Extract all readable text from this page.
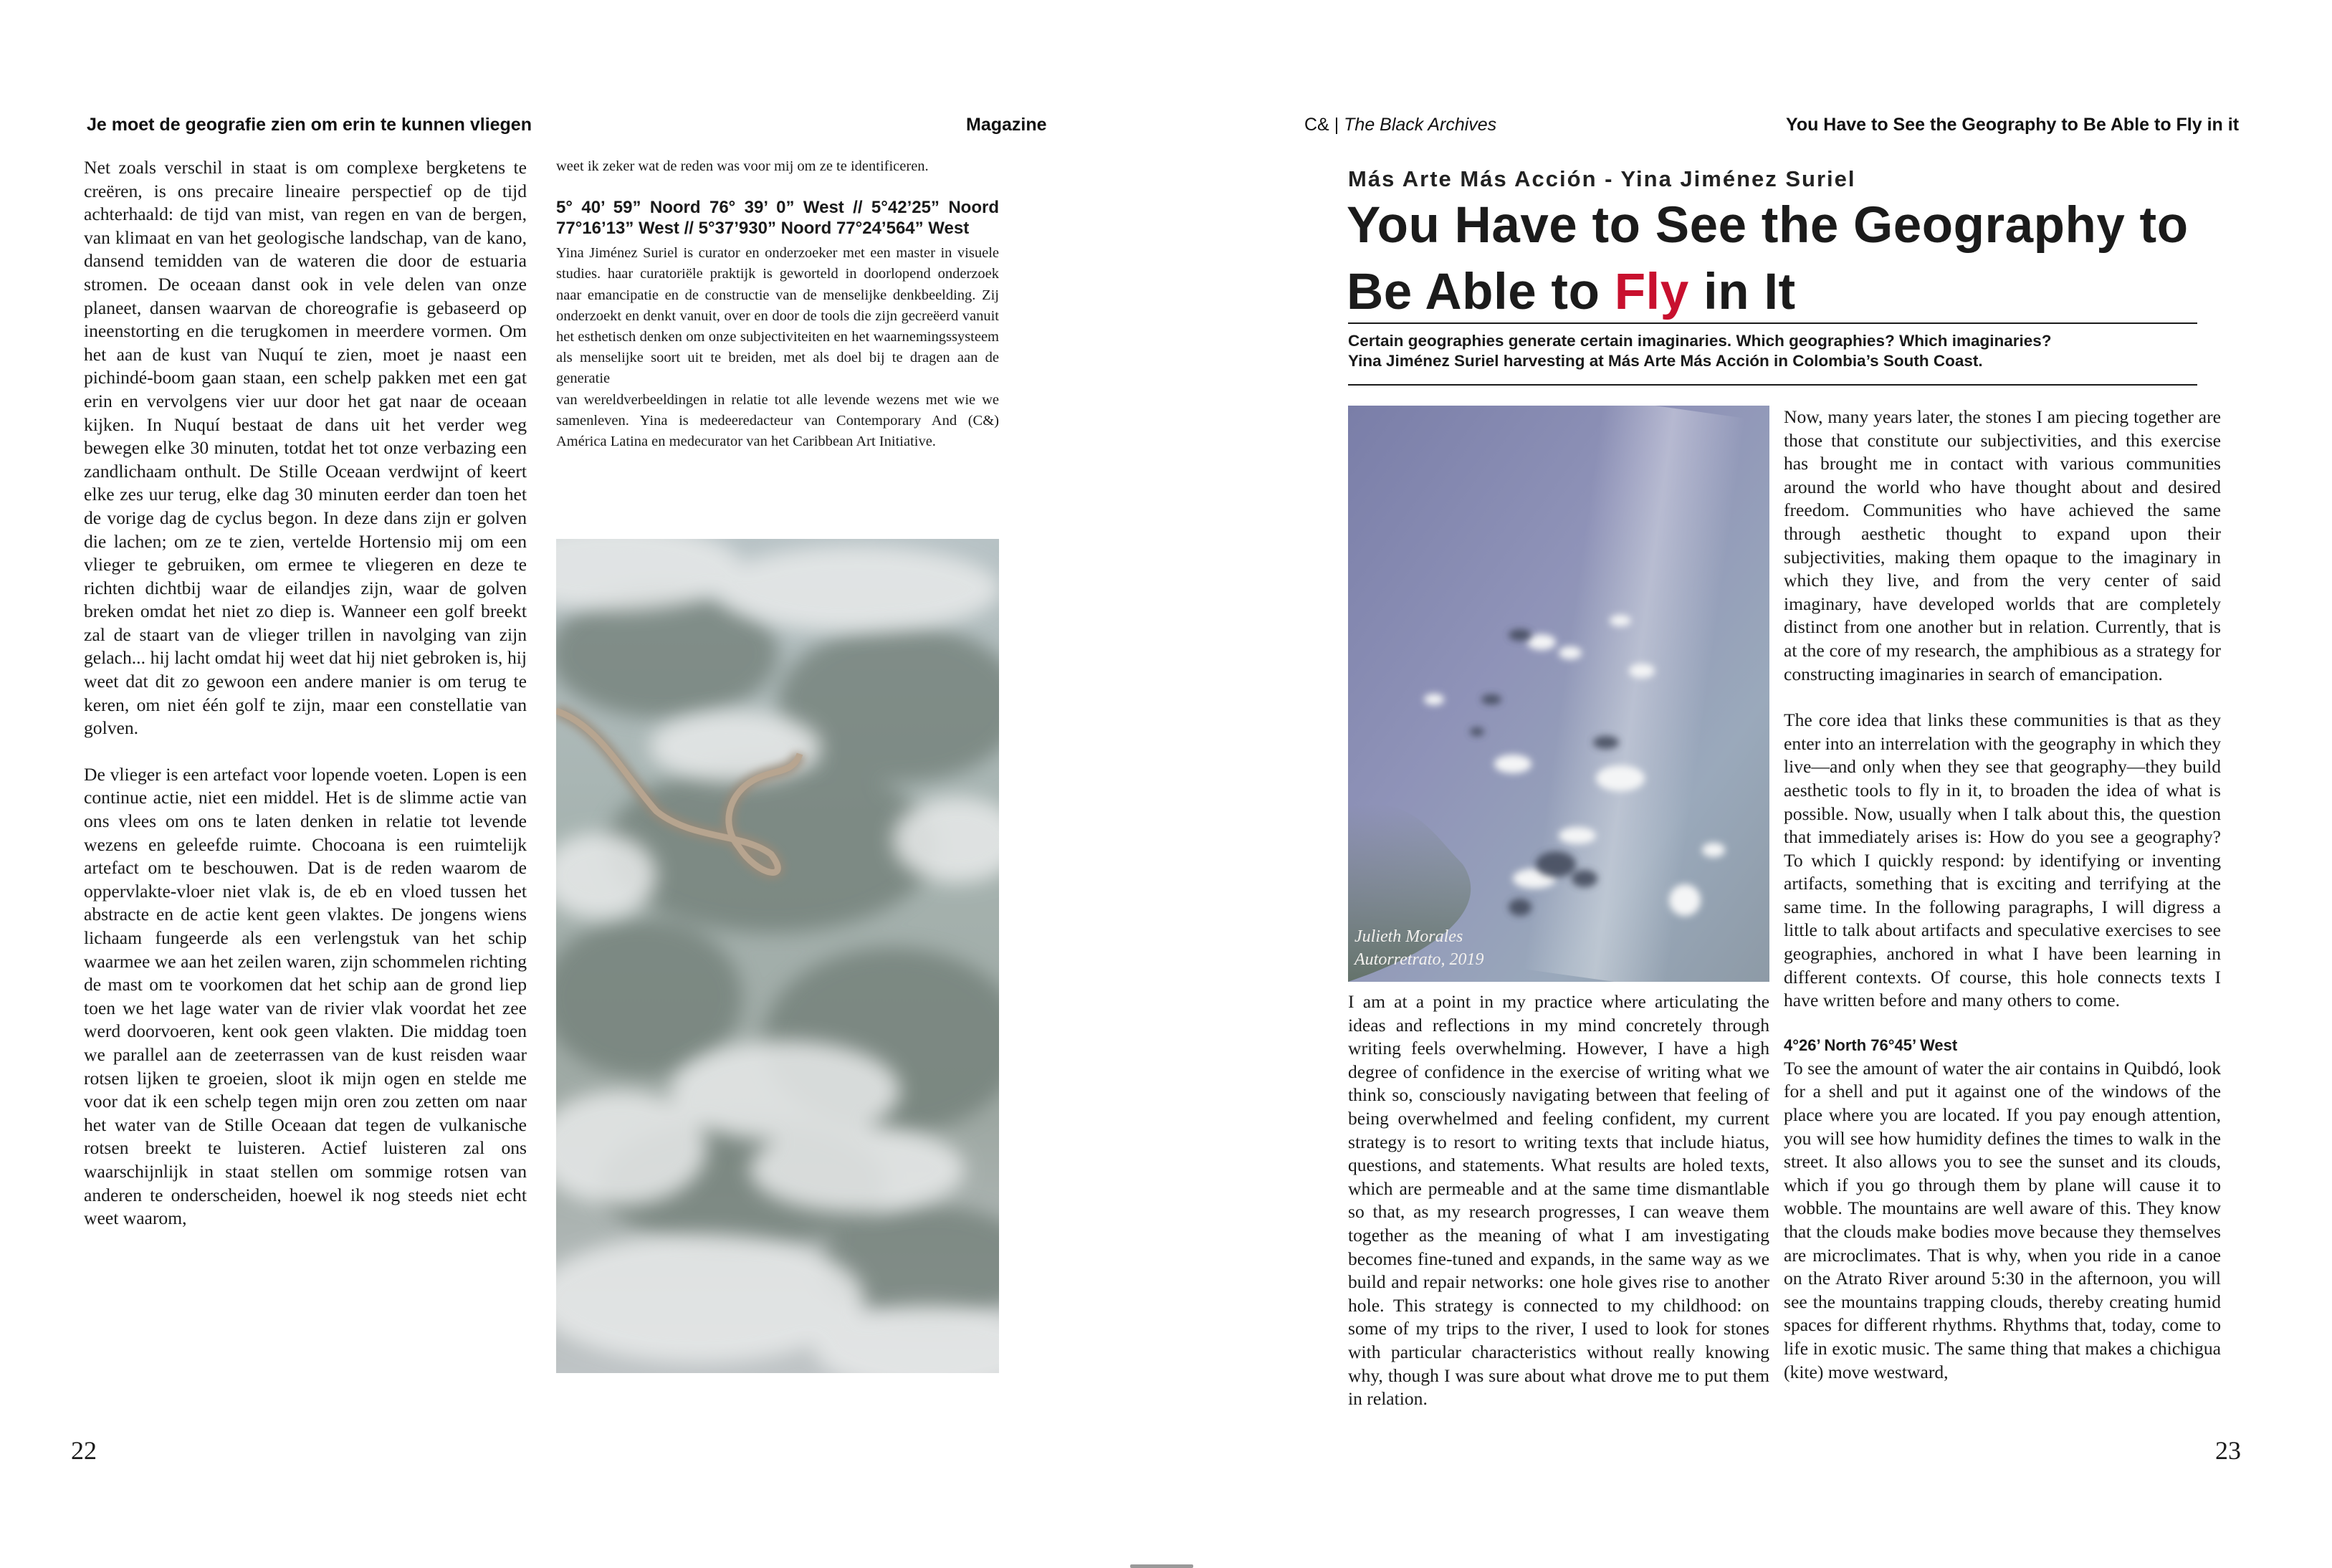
Je moet de geografie zien om erin te kunnen vliegen	Magazine

Net zoals verschil in staat is om complexe bergketens te creëren, is ons precaire lineaire perspectief op de tijd achterhaald: de tijd van mist, van regen en van de bergen, van klimaat en van het geologische landschap, van de kano, dansend temidden van de wateren die door de estuaria stromen. De oceaan danst ook in vele delen van onze planeet, dansen waarvan de choreografie is gebaseerd op ineenstorting en die terugkomen in meerdere vormen. Om het aan de kust van Nuquí te zien, moet je naast een pichindé-boom gaan staan, een schelp pakken met een gat erin en vervolgens vier uur door het gat naar de oceaan kijken. In Nuquí bestaat de dans uit het verder weg bewegen elke 30 minuten, totdat het tot onze verbazing een zandlichaam onthult. De Stille Oceaan verdwijnt of keert elke zes uur terug, elke dag 30 minuten eerder dan toen het de vorige dag de cyclus begon. In deze dans zijn er golven die lachen; om ze te zien, vertelde Hortensio mij om een vlieger te gebruiken, om ermee te vliegeren en deze te richten dichtbij waar de eilandjes zijn, waar de golven breken omdat het niet zo diep is. Wanneer een golf breekt zal de staart van de vlieger trillen in navolging van zijn gelach... hij lacht omdat hij weet dat hij niet gebroken is, hij weet dat dit zo gewoon een andere manier is om terug te keren, om niet één golf te zijn, maar een constellatie van golven.

De vlieger is een artefact voor lopende voeten. Lopen is een continue actie, niet een middel. Het is de slimme actie van ons vlees om ons te laten denken in relatie tot levende wezens en geleefde ruimte. Chocoana is een ruimtelijk artefact om te beschouwen. Dat is de reden waarom de oppervlakte-vloer niet vlak is, de eb en vloed tussen het abstracte en de actie kent geen vlaktes. De jongens wiens lichaam fungeerde als een verlengstuk van het schip waarmee we aan het zeilen waren, zijn schommelen richting de mast om te voorkomen dat het schip aan de grond liep toen we het lage water van de rivier vlak voordat het zee werd doorvoeren, kent ook geen vlakten. Die middag toen we parallel aan de zeeterrassen van de kust reisden waar rotsen lijken te groeien, sloot ik mijn ogen en stelde me voor dat ik een schelp tegen mijn oren zou zetten om naar het water van de Stille Oceaan dat tegen de vulkanische rotsen breekt te luisteren. Actief luisteren zal ons waarschijnlijk in staat stellen om sommige rotsen van anderen te onderscheiden, hoewel ik nog steeds niet echt weet waarom,

weet ik zeker wat de reden was voor mij om ze te identificeren.
5° 40’ 59” Noord 76° 39’ 0” West // 5°42’25” Noord 77°16’13” West // 5°37’930” Noord 77°24’564” West

Yina Jiménez Suriel is curator en onderzoeker met een master in visuele studies. haar curatoriële praktijk is geworteld in doorlopend onderzoek naar emancipatie en de constructie van de menselijke denkbeelding. Zij onderzoekt en denkt vanuit, over en door de tools die zijn gecreëerd vanuit het esthetisch denken om onze subjectiviteiten en het waarnemingssysteem als menselijke soort uit te breiden, met als doel bij te dragen aan de generatie

van wereldverbeeldingen in relatie tot alle levende wezens met wie we samenleven. Yina is medeeredacteur van Contemporary And (C&) América Latina en medecurator van het Caribbean Art Initiative.

22
C& | The Black Archives	You Have to See the Geography to Be Able to Fly in it
Más Arte Más Acción - Yina Jiménez Suriel
You Have to See the Geography to
Be Able to Fly in It
Certain geographies generate certain imaginaries. Which geographies? Which imaginaries?
Yina Jiménez Suriel harvesting at Más Arte Más Acción in Colombia’s South Coast.
Julieth Morales
Autorretrato, 2019

I am at a point in my practice where articulating the ideas and reflections in my mind concretely through writing feels overwhelming. However, I have a high degree of confidence in the exercise of writing what we think so, consciously navigating between that feeling of being overwhelmed and feeling confident, my current strategy is to resort to writing texts that include hiatus, questions, and statements. What results are holed texts, which are permeable and at the same time dismantlable so that, as my research progresses, I can weave them together as the meaning of what I am investigating becomes fine-tuned and expands, in the same way as we build and repair networks: one hole gives rise to another hole. This strategy is connected to my childhood: on some of my trips to the river, I used to look for stones with particular characteristics without really knowing why, though I was sure about what drove me to put them in relation.

Now, many years later, the stones I am piecing together are those that constitute our subjectivities, and this exercise has brought me in contact with various communities around the world who have thought about and desired freedom. Communities who have achieved the same through aesthetic thought to expand upon their subjectivities, making them opaque to the imaginary in which they live, and from the very center of said imaginary, have developed worlds that are completely distinct from one another but in relation. Currently, that is at the core of my research, the amphibious as a strategy for constructing imaginaries in search of emancipation.

The core idea that links these communities is that as they enter into an interrelation with the geography in which they live—and only when they see that geography—they build aesthetic tools to fly in it, to broaden the idea of what is possible. Now, usually when I talk about this, the question that immediately arises is: How do you see a geography? To which I quickly respond: by identifying or inventing artifacts, something that is exciting and terrifying at the same time. In the following paragraphs, I will digress a little to talk about artifacts and speculative exercises to see geographies, anchored in what I have been learning in different contexts. Of course, this hole connects texts I have written before and many others to come.

4°26’ North 76°45’ West

To see the amount of water the air contains in Quibdó, look for a shell and put it against one of the windows of the place where you are located. If you pay enough attention, you will see how humidity defines the times to walk in the street. It also allows you to see the sunset and its clouds, which if you go through them by plane will cause it to wobble. The mountains are well aware of this. They know that the clouds make bodies move because they themselves are microclimates. That is why, when you ride in a canoe on the Atrato River around 5:30 in the afternoon, you will see the mountains trapping clouds, thereby creating humid spaces for different rhythms. Rhythms that, today, come to life in exotic music. The same thing that makes a chichigua (kite) move westward,

23
